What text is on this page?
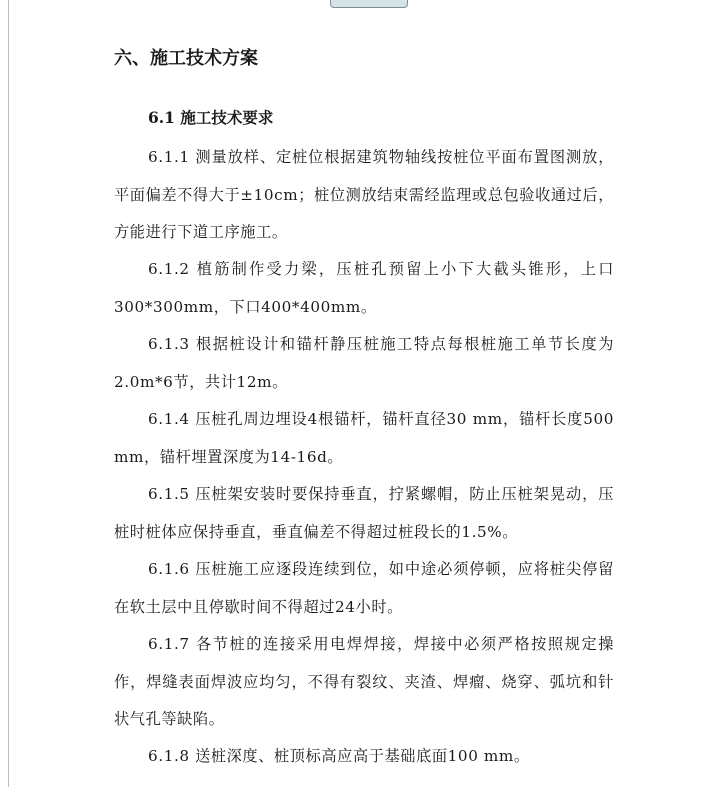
六、施工技术方案
6.1 施工技术要求

6.1.1 测量放样、定桩位根据建筑物轴线按桩位平面布置图测放，平面偏差不得大于±10cm；桩位测放结束需经监理或总包验收通过后，方能进行下道工序施工。

6.1.2 植筋制作受力梁，压桩孔预留上小下大截头锥形，上口300*300mm，下口400*400mm。

6.1.3 根据桩设计和锚杆静压桩施工特点每根桩施工单节长度为2.0m*6节，共计12m。

6.1.4 压桩孔周边埋设4根锚杆，锚杆直径30 mm，锚杆长度500 mm，锚杆埋置深度为14-16d。

6.1.5 压桩架安装时要保持垂直，拧紧螺帽，防止压桩架晃动，压桩时桩体应保持垂直，垂直偏差不得超过桩段长的1.5%。

6.1.6 压桩施工应逐段连续到位，如中途必须停顿，应将桩尖停留在软土层中且停歇时间不得超过24小时。

6.1.7 各节桩的连接采用电焊焊接，焊接中必须严格按照规定操作，焊缝表面焊波应均匀，不得有裂纹、夹渣、焊瘤、烧穿、弧坑和针状气孔等缺陷。

6.1.8 送桩深度、桩顶标高应高于基础底面100 mm。
